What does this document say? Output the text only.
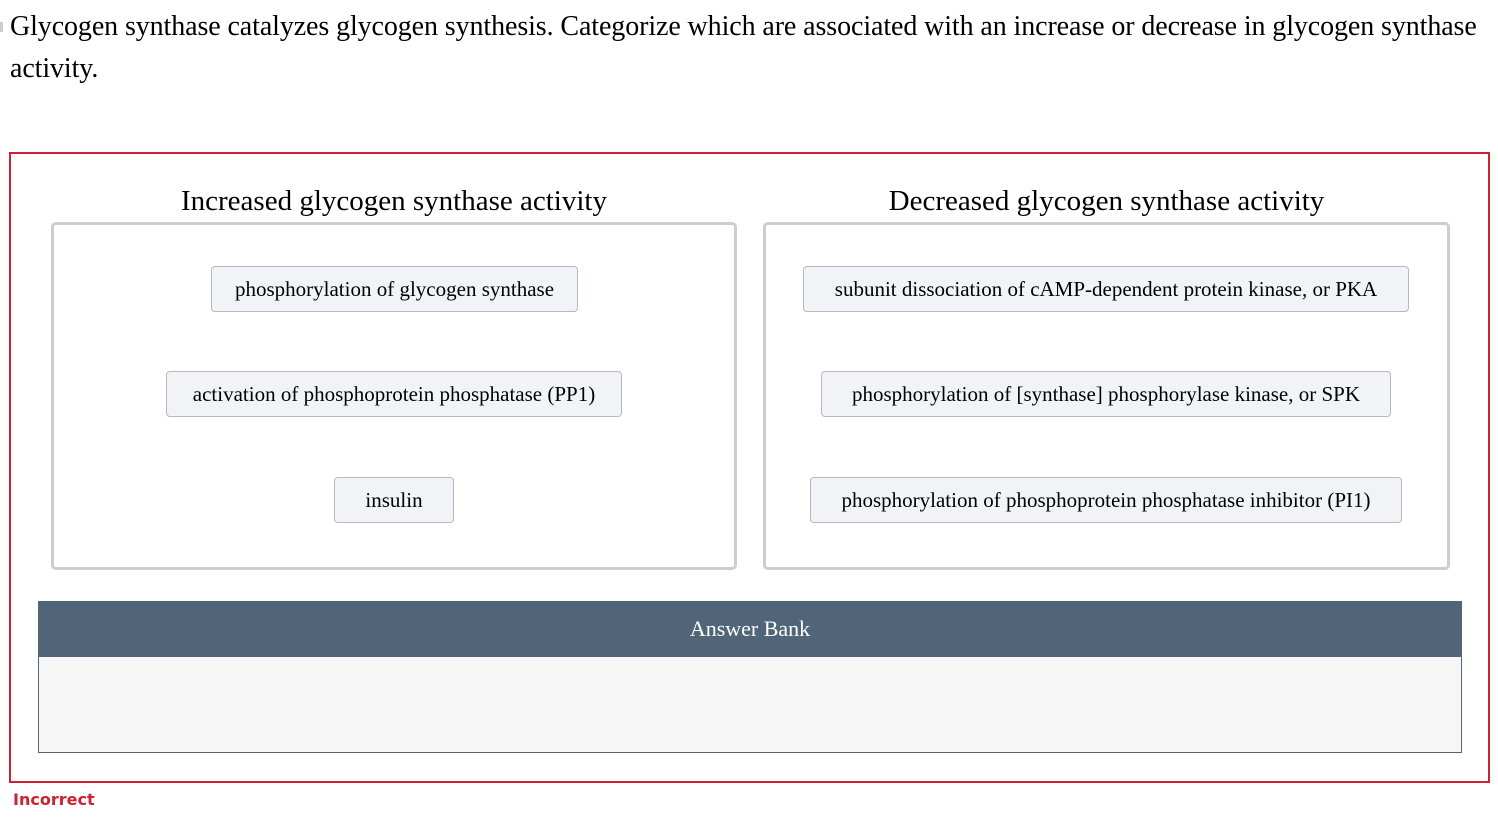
Glycogen synthase catalyzes glycogen synthesis. Categorize which are associated with an increase or decrease in glycogen synthase activity.
Increased glycogen synthase activity	Decreased glycogen synthase activity
phosphorylation of glycogen synthase
activation of phosphoprotein phosphatase (PP1)
insulin
subunit dissociation of cAMP-dependent protein kinase, or PKA
phosphorylation of [synthase] phosphorylase kinase, or SPK
phosphorylation of phosphoprotein phosphatase inhibitor (PI1)
Answer Bank
Incorrect
